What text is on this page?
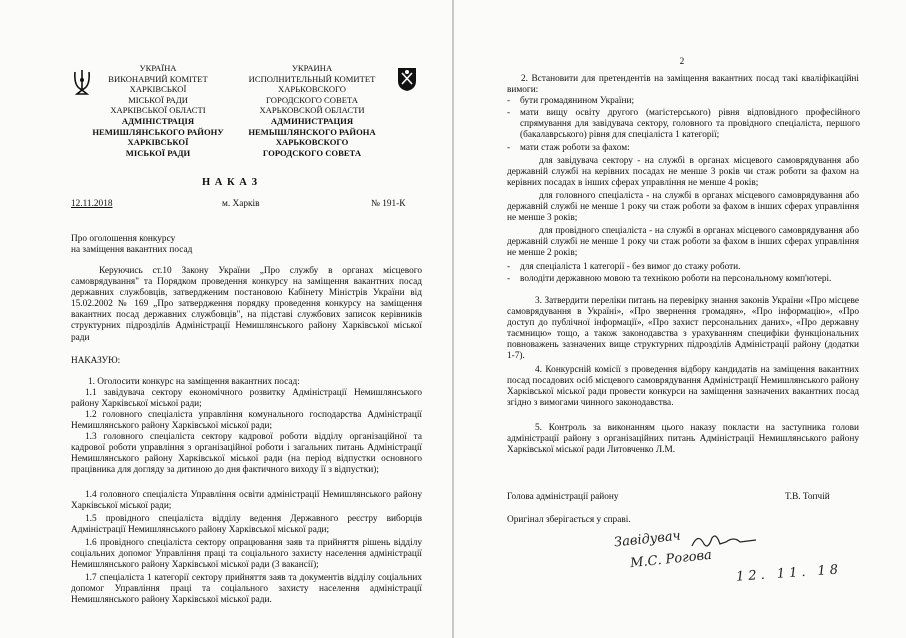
УКРАЇНА
ВИКОНАВЧИЙ КОМІТЕТ
ХАРКІВСЬКОЇ
МІСЬКОЇ РАДИ
ХАРКІВСЬКОЇ ОБЛАСТІ
АДМІНІСТРАЦІЯ
НЕМИШЛЯНСЬКОГО РАЙОНУ
ХАРКІВСЬКОЇ
МІСЬКОЇ РАДИ
УКРАИНА
ИСПОЛНИТЕЛЬНЫЙ КОМИТЕТ
ХАРЬКОВСКОГО
ГОРОДСКОГО СОВЕТА
ХАРЬКОВСКОЙ ОБЛАСТИ
АДМИНИСТРАЦИЯ
НЕМЫШЛЯНСКОГО РАЙОНА
ХАРЬКОВСКОГО
ГОРОДСКОГО СОВЕТА
Н А К А З
12.11.2018	м. Харків	№ 191-К
Про оголошення конкурсу
на заміщення вакантних посад
Керуючись ст.10 Закону України „Про службу в органах місцевого самоврядування" та Порядком проведення конкурсу на заміщення вакантних посад державних службовців, затвердженим постановою Кабінету Міністрів України від 15.02.2002 № 169 „Про затвердження порядку проведення конкурсу на заміщення вакантних посад державних службовців", на підставі службових записок керівників структурних підрозділів Адміністрації Немишлянського району Харківської міської ради
НАКАЗУЮ:
1. Оголосити конкурс на заміщення вакантних посад:
1.1 завідувача сектору економічного розвитку Адміністрації Немишлянського району Харківської міської ради;
1.2 головного спеціаліста управління комунального господарства Адміністрації Немишлянського району Харківської міської ради;
1.3 головного спеціаліста сектору кадрової роботи відділу організаційної та кадрової роботи управління з організаційної роботи і загальних питань Адміністрації Немишлянського району Харківської міської ради (на період відпустки основного працівника для догляду за дитиною до дня фактичного виходу її з відпустки);
1.4 головного спеціаліста Управління освіти адміністрації Немишлянського району Харківської міської ради;
1.5 провідного спеціаліста відділу ведення Державного реєстру виборців Адміністрації Немишлянського району Харківської міської ради;
1.6 провідного спеціаліста сектору опрацювання заяв та прийняття рішень відділу соціальних допомог Управління праці та соціального захисту населення адміністрації Немишлянського району Харківської міської ради (3 вакансії);
1.7 спеціаліста 1 категорії сектору прийняття заяв та документів відділу соціальних допомог Управління праці та соціального захисту населення адміністрації Немишлянського району Харківської міської ради.
2
2. Встановити для претендентів на заміщення вакантних посад такі кваліфікаційні вимоги:
- бути громадянином України;
- мати вищу освіту другого (магістерського) рівня відповідного професійного спрямування для завідувача сектору, головного та провідного спеціаліста, першого (бакалаврського) рівня для спеціаліста 1 категорії;
- мати стаж роботи за фахом:
для завідувача сектору - на службі в органах місцевого самоврядування або державній службі на керівних посадах не менше 3 років чи стаж роботи за фахом на керівних посадах в інших сферах управління не менше 4 років;
для головного спеціаліста - на службі в органах місцевого самоврядування або державній службі не менше 1 року чи стаж роботи за фахом в інших сферах управління не менше 3 років;
для провідного спеціаліста - на службі в органах місцевого самоврядування або державній службі не менше 1 року чи стаж роботи за фахом в інших сферах управління не менше 2 років;
- для спеціаліста 1 категорії - без вимог до стажу роботи.
- володіти державною мовою та технікою роботи на персональному комп'ютері.
3. Затвердити переліки питань на перевірку знання законів України «Про місцеве самоврядування в Україні», «Про звернення громадян», «Про інформацію», «Про доступ до публічної інформації», «Про захист персональних даних», «Про державну таємницю» тощо, а також законодавства з урахуванням специфіки функціональних повноважень зазначених вище структурних підрозділів Адміністрації району (додатки 1-7).
4. Конкурсній комісії з проведення відбору кандидатів на заміщення вакантних посад посадових осіб місцевого самоврядування Адміністрації Немишлянського району Харківської міської ради провести конкурси на заміщення зазначених вакантних посад згідно з вимогами чинного законодавства.
5. Контроль за виконанням цього наказу покласти на заступника голови адміністрації району з організаційних питань Адміністрації Немишлянського району Харківської міської ради Литовченко Л.М.
Голова адміністрації району	Т.В. Топчій
Оригінал зберігається у справі.
Завідувач
М.С. Рогова
12. 11. 18
